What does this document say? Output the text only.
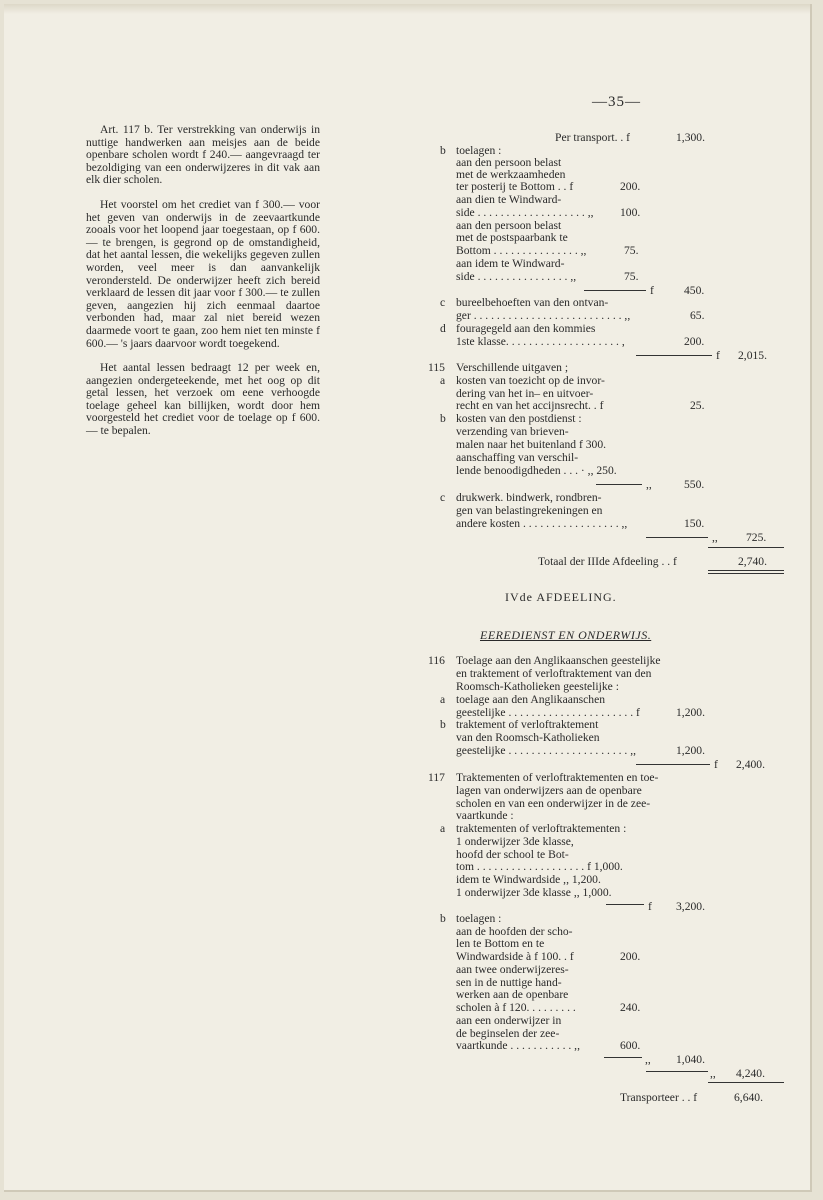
—35—

Art. 117 b. Ter verstrekking van onderwijs in nuttige handwerken aan meisjes aan de beide openbare scholen wordt f 240.— aangevraagd ter bezoldiging van een onderwijzeres in dit vak aan elk dier scholen.

Het voorstel om het crediet van f 300.— voor het geven van onderwijs in de zeevaartkunde zooals voor het loopend jaar toegestaan, op f 600.— te brengen, is gegrond op de omstandigheid, dat het aantal lessen, die wekelijks gegeven zullen worden, veel meer is dan aanvankelijk verondersteld. De onderwijzer heeft zich bereid verklaard de lessen dit jaar voor f 300.— te zullen geven, aangezien hij zich eenmaal daartoe verbonden had, maar zal niet bereid wezen daarmede voort te gaan, zoo hem niet ten minste f 600.— 's jaars daarvoor wordt toegekend.

Het aantal lessen bedraagt 12 per week en, aangezien ondergeteekende, met het oog op dit getal lessen, het verzoek om eene verhoogde toelage geheel kan billijken, wordt door hem voorgesteld het crediet voor de toelage op f 600.— te bepalen.

Per transport. . f	1,300.
b toelagen :
aan den persoon belast
met de werkzaamheden
ter posterij te Bottom . . f	200.
aan dien te Windward-
side . . . . . . . . . . . . . . . . . . . ,, 100.
aan den persoon belast
met de postspaarbank te
Bottom . . . . . . . . . . . . . . . ,,	75.
aan idem te Windward-
side . . . . . . . . . . . . . . . . ,,	75.
f	450.
c bureelbehoeften van den ontvan-
ger . . . . . . . . . . . . . . . . . . . . . . . . . . ,,	65.
d fouragegeld aan den kommies
1ste klasse. . . . . . . . . . . . . . . . . . . . ,	200.
f 2,015.
115 Verschillende uitgaven ;
a kosten van toezicht op de invor-
dering van het in– en uitvoer-
recht en van het accijnsrecht. . f	25.
b kosten van den postdienst :
verzending van brieven-
malen naar het buitenland f 300.
aanschaffing van verschil-
lende benoodigdheden . . . · ,, 250.
,,	550.
c drukwerk. bindwerk, rondbren-
gen van belastingrekeningen en
andere kosten . . . . . . . . . . . . . . . . . ,,	150.
,, 725.
Totaal der IIIde Afdeeling . . f	2,740.
116 Toelage aan den Anglikaanschen geestelijke
en traktement of verloftraktement van den
Roomsch-Katholieken geestelijke :
a toelage aan den Anglikaanschen
geestelijke . . . . . . . . . . . . . . . . . . . . . . f	1,200.
b traktement of verloftraktement
van den Roomsch-Katholieken
geestelijke . . . . . . . . . . . . . . . . . . . . . ,,	1,200.
f 2,400.
117 Traktementen of verloftraktementen en toe-
lagen van onderwijzers aan de openbare
scholen en van een onderwijzer in de zee-
vaartkunde :
a traktementen of verloftraktementen :
1 onderwijzer 3de klasse,
hoofd der school te Bot-
tom . . . . . . . . . . . . . . . . . . . f 1,000.
idem te Windwardside ,, 1,200.
1 onderwijzer 3de klasse ,, 1,000.
f 3,200.
b toelagen :
aan de hoofden der scho-
len te Bottom en te
Windwardside à f 100. . f	200.
aan twee onderwijzeres-
sen in de nuttige hand-
werken aan de openbare
scholen à f 120. . . . . . . . .	240.
aan een onderwijzer in
de beginselen der zee-
vaartkunde . . . . . . . . . . . ,,	600.
,, 1,040.
,, 4,240.
Transporteer . . f	6,640.
IVde AFDEELING.
EEREDIENST EN ONDERWIJS.
